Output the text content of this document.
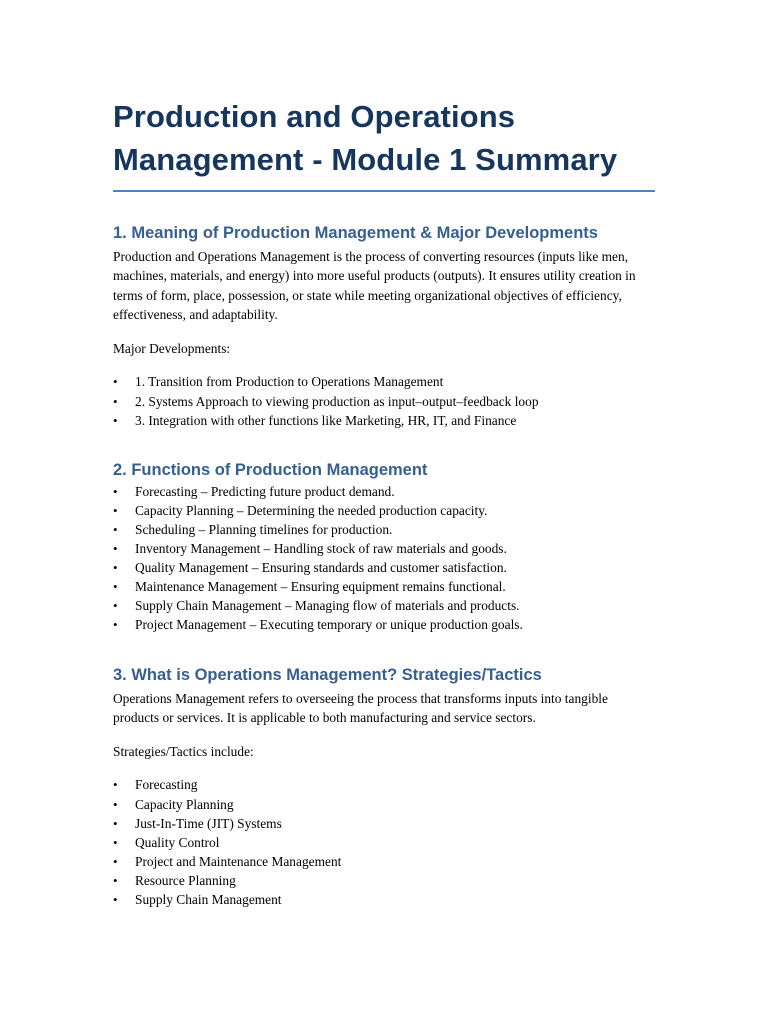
Production and Operations
Management - Module 1 Summary
1. Meaning of Production Management & Major Developments

Production and Operations Management is the process of converting resources (inputs like men, machines, materials, and energy) into more useful products (outputs). It ensures utility creation in terms of form, place, possession, or state while meeting organizational objectives of efficiency, effectiveness, and adaptability.

Major Developments:

• 1. Transition from Production to Operations Management
• 2. Systems Approach to viewing production as input–output–feedback loop
• 3. Integration with other functions like Marketing, HR, IT, and Finance
2. Functions of Production Management
• Forecasting – Predicting future product demand.
• Capacity Planning – Determining the needed production capacity.
• Scheduling – Planning timelines for production.
• Inventory Management – Handling stock of raw materials and goods.
• Quality Management – Ensuring standards and customer satisfaction.
• Maintenance Management – Ensuring equipment remains functional.
• Supply Chain Management – Managing flow of materials and products.
• Project Management – Executing temporary or unique production goals.
3. What is Operations Management? Strategies/Tactics

Operations Management refers to overseeing the process that transforms inputs into tangible products or services. It is applicable to both manufacturing and service sectors.

Strategies/Tactics include:

• Forecasting
• Capacity Planning
• Just-In-Time (JIT) Systems
• Quality Control
• Project and Maintenance Management
• Resource Planning
• Supply Chain Management
